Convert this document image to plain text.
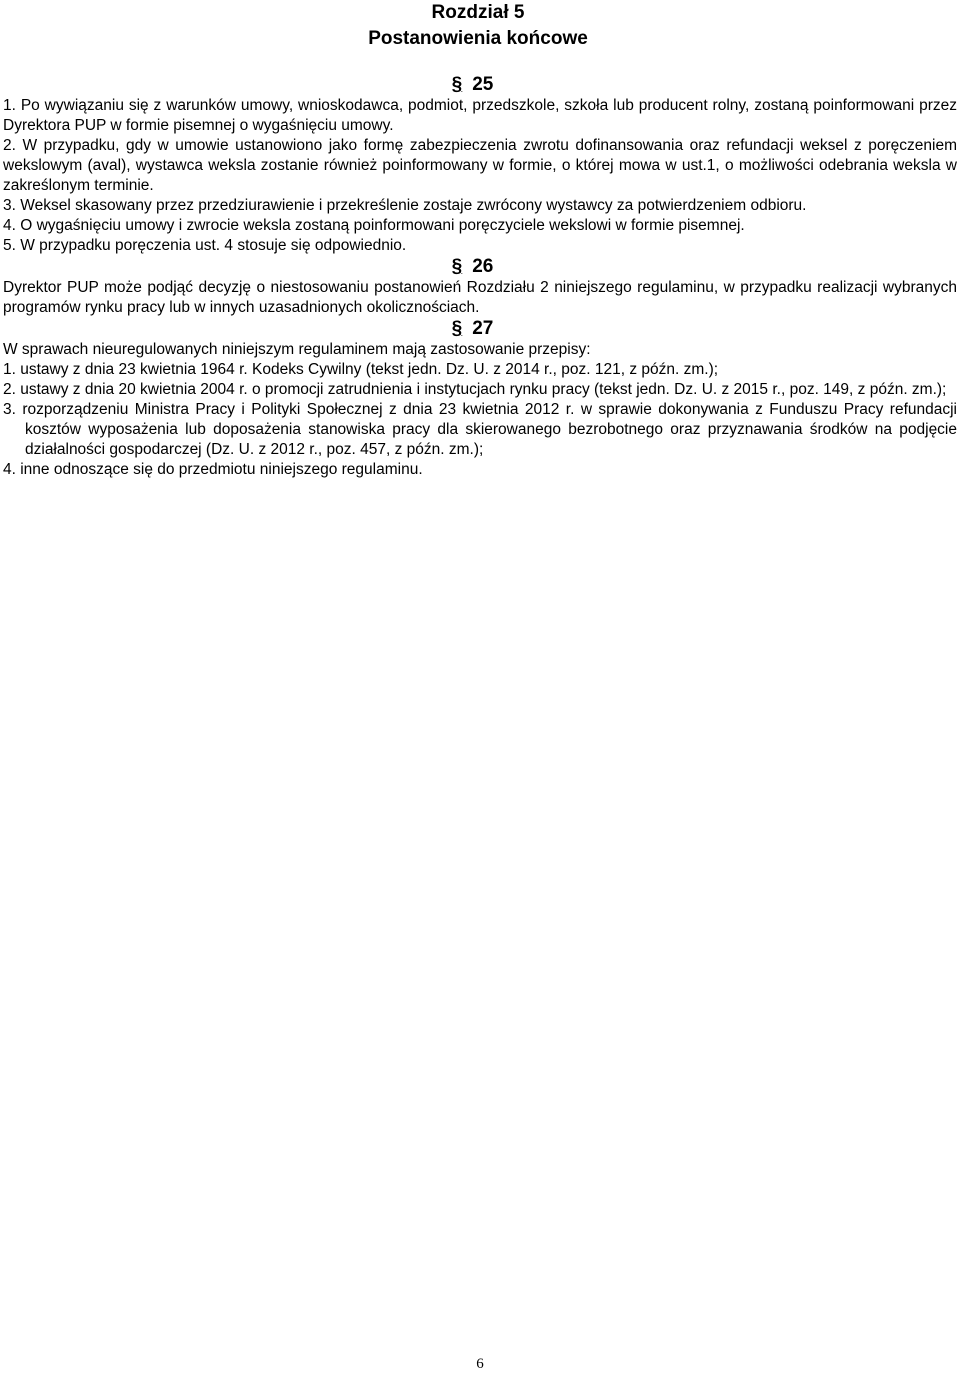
Rozdział 5
Postanowienia końcowe
§ 25

1. Po wywiązaniu się z warunków umowy, wnioskodawca, podmiot, przedszkole, szkoła lub producent rolny, zostaną poinformowani przez Dyrektora PUP w formie pisemnej o wygaśnięciu umowy.

2. W przypadku, gdy w umowie ustanowiono jako formę zabezpieczenia zwrotu dofinansowania oraz refundacji weksel z poręczeniem wekslowym (aval), wystawca weksla zostanie również poinformowany w formie, o której mowa w ust.1, o możliwości odebrania weksla w zakreślonym terminie.

3. Weksel skasowany przez przedziurawienie i przekreślenie zostaje zwrócony wystawcy za potwierdzeniem odbioru.

4. O wygaśnięciu umowy i zwrocie weksla zostaną poinformowani poręczyciele wekslowi w formie pisemnej.

5. W przypadku poręczenia ust. 4 stosuje się odpowiednio.

§ 26

Dyrektor PUP może podjąć decyzję o niestosowaniu postanowień Rozdziału 2 niniejszego regulaminu, w przypadku realizacji wybranych programów rynku pracy lub w innych uzasadnionych okolicznościach.

§ 27

W sprawach nieuregulowanych niniejszym regulaminem mają zastosowanie przepisy:

1. ustawy z dnia 23 kwietnia 1964 r. Kodeks Cywilny (tekst jedn. Dz. U. z 2014 r., poz. 121, z późn. zm.);

2. ustawy z dnia 20 kwietnia 2004 r. o promocji zatrudnienia i instytucjach rynku pracy (tekst jedn. Dz. U. z 2015 r., poz. 149, z późn. zm.);

3. rozporządzeniu Ministra Pracy i Polityki Społecznej z dnia 23 kwietnia 2012 r. w sprawie dokonywania z Funduszu Pracy refundacji kosztów wyposażenia lub doposażenia stanowiska pracy dla skierowanego bezrobotnego oraz przyznawania środków na podjęcie działalności gospodarczej (Dz. U. z 2012 r., poz. 457, z późn. zm.);

4. inne odnoszące się do przedmiotu niniejszego regulaminu.

6
